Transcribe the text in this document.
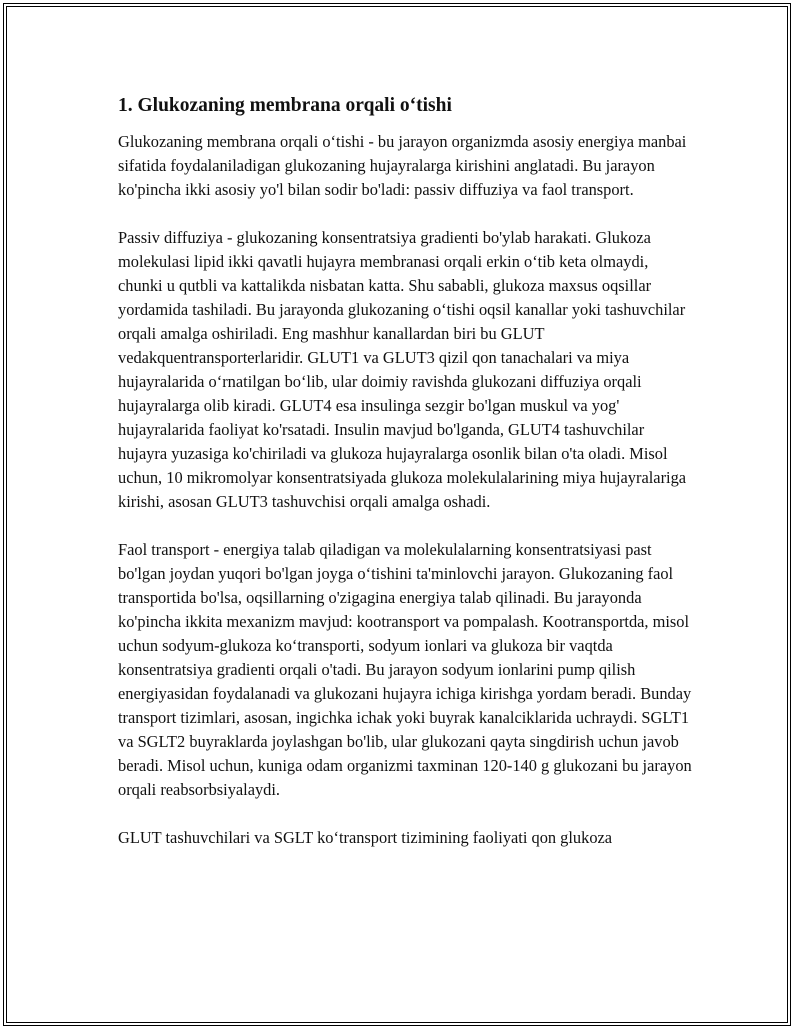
1. Glukozaning membrana orqali o‘tishi

Glukozaning membrana orqali o‘tishi - bu jarayon organizmda asosiy energiya manbai sifatida foydalaniladigan glukozaning hujayralarga kirishini anglatadi. Bu jarayon ko'pincha ikki asosiy yo'l bilan sodir bo'ladi: passiv diffuziya va faol transport.

Passiv diffuziya - glukozaning konsentratsiya gradienti bo'ylab harakati. Glukoza molekulasi lipid ikki qavatli hujayra membranasi orqali erkin o‘tib keta olmaydi, chunki u qutbli va kattalikda nisbatan katta. Shu sababli, glukoza maxsus oqsillar yordamida tashiladi. Bu jarayonda glukozaning o‘tishi oqsil kanallar yoki tashuvchilar orqali amalga oshiriladi. Eng mashhur kanallardan biri bu GLUT vedakquentransporterlaridir. GLUT1 va GLUT3 qizil qon tanachalari va miya hujayralarida o‘rnatilgan bo‘lib, ular doimiy ravishda glukozani diffuziya orqali hujayralarga olib kiradi. GLUT4 esa insulinga sezgir bo'lgan muskul va yog' hujayralarida faoliyat ko'rsatadi. Insulin mavjud bo'lganda, GLUT4 tashuvchilar hujayra yuzasiga ko'chiriladi va glukoza hujayralarga osonlik bilan o'ta oladi. Misol uchun, 10 mikromolyar konsentratsiyada glukoza molekulalarining miya hujayralariga kirishi, asosan GLUT3 tashuvchisi orqali amalga oshadi.

Faol transport - energiya talab qiladigan va molekulalarning konsentratsiyasi past bo'lgan joydan yuqori bo'lgan joyga o‘tishini ta'minlovchi jarayon. Glukozaning faol transportida bo'lsa, oqsillarning o'zigagina energiya talab qilinadi. Bu jarayonda ko'pincha ikkita mexanizm mavjud: kootransport va pompalash. Kootransportda, misol uchun sodyum-glukoza ko‘transporti, sodyum ionlari va glukoza bir vaqtda konsentratsiya gradienti orqali o'tadi. Bu jarayon sodyum ionlarini pump qilish energiyasidan foydalanadi va glukozani hujayra ichiga kirishga yordam beradi. Bunday transport tizimlari, asosan, ingichka ichak yoki buyrak kanalciklarida uchraydi. SGLT1 va SGLT2 buyraklarda joylashgan bo'lib, ular glukozani qayta singdirish uchun javob beradi. Misol uchun, kuniga odam organizmi taxminan 120-140 g glukozani bu jarayon orqali reabsorbsiyalaydi.

GLUT tashuvchilari va SGLT ko‘transport tizimining faoliyati qon glukoza
